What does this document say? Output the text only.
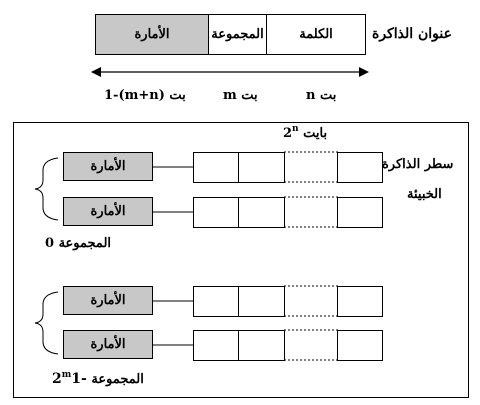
الأمارة	المجموعة	الكلمة	عنوان الذاكرة
1-(m+n) بت	m بت	n بت
2$^n$ بايت
سطر الذاكرة
الخبيئة
الأمارة
الأمارة
الأمارة
الأمارة
المجموعة 0
المجموعة 2$^m$1-
